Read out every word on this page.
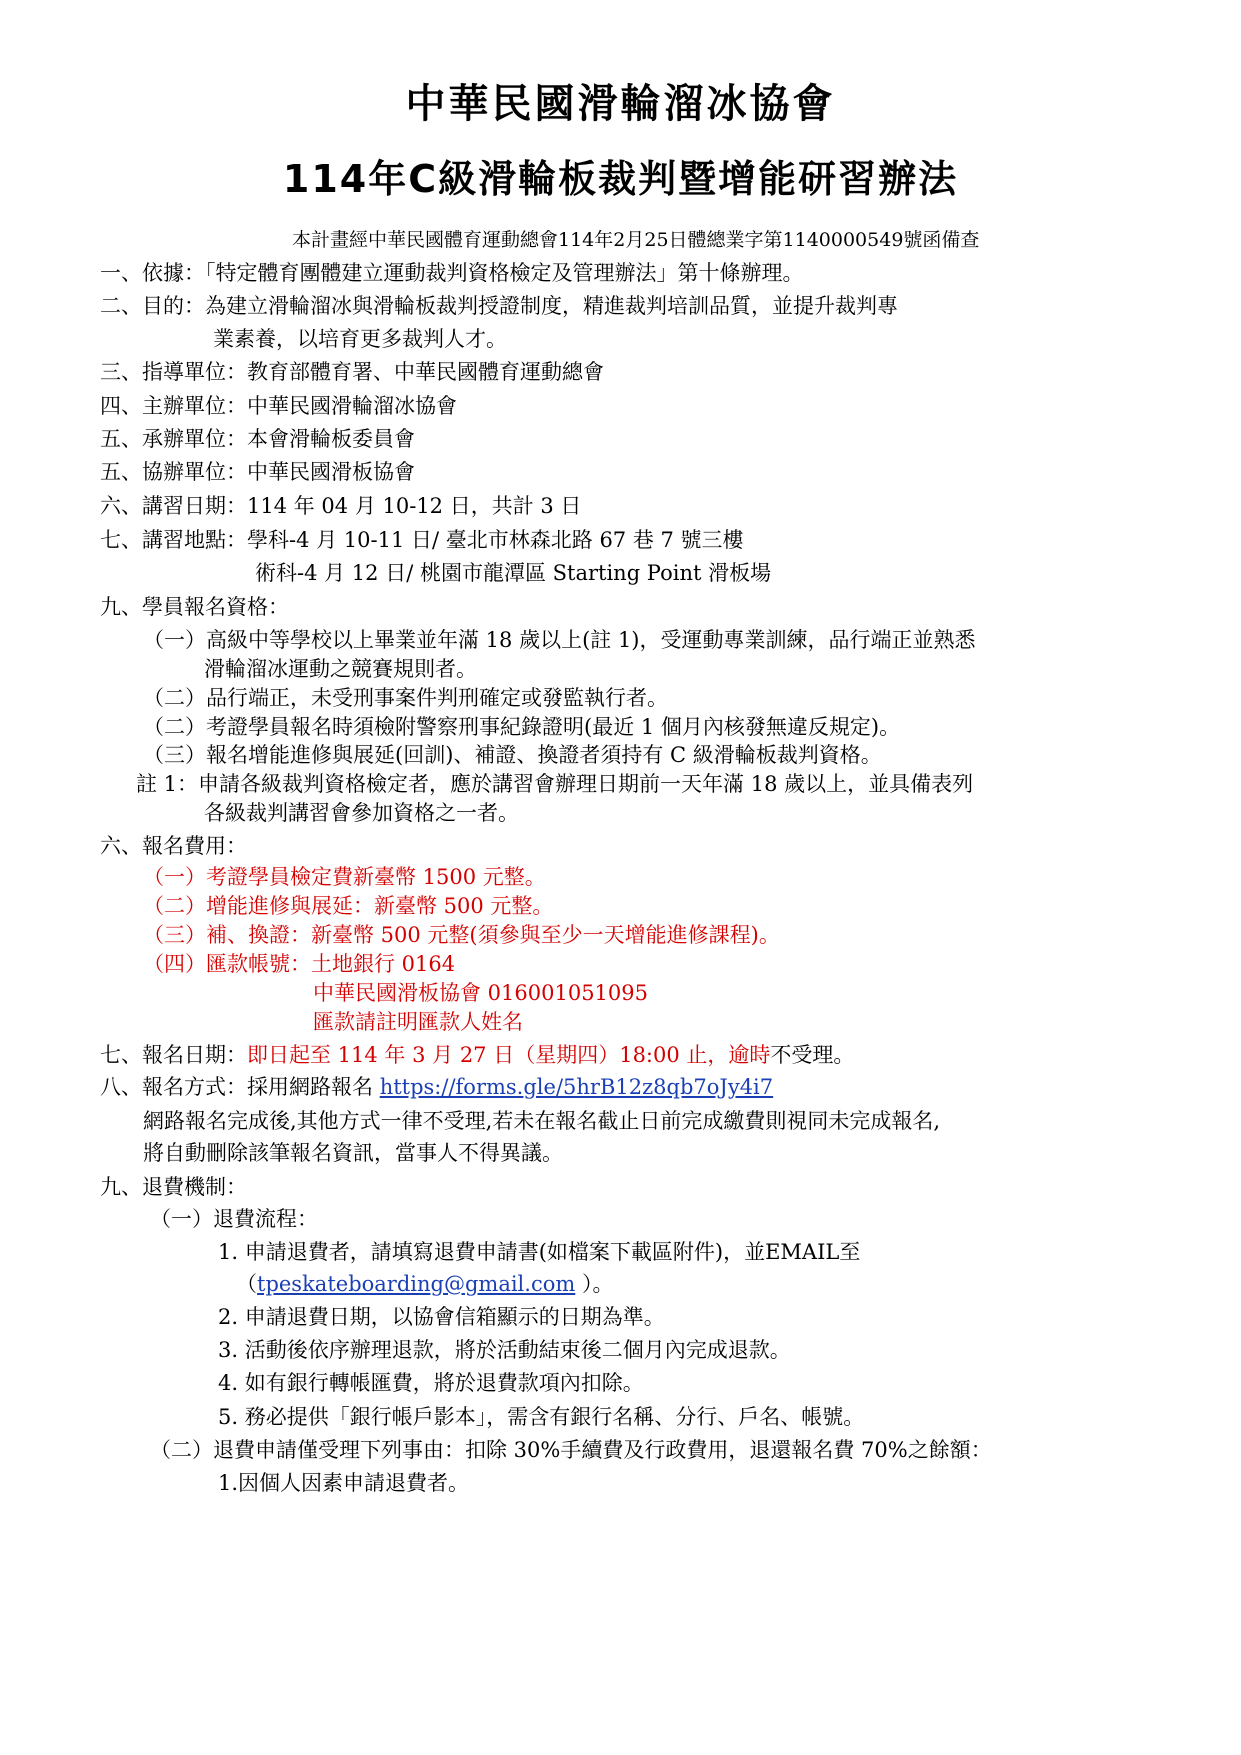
中華民國滑輪溜冰協會
114年C級滑輪板裁判暨增能研習辦法
本計畫經中華民國體育運動總會114年2月25日體總業字第1140000549號函備查
一、依據：「特定體育團體建立運動裁判資格檢定及管理辦法」第十條辦理。
二、目的：為建立滑輪溜冰與滑輪板裁判授證制度，精進裁判培訓品質，並提升裁判專
業素養，以培育更多裁判人才。
三、指導單位：教育部體育署、中華民國體育運動總會
四、主辦單位：中華民國滑輪溜冰協會
五、承辦單位：本會滑輪板委員會
五、協辦單位：中華民國滑板協會
六、講習日期：114 年 04 月 10-12 日，共計 3 日
七、講習地點：學科-4 月 10-11 日/ 臺北市林森北路 67 巷 7 號三樓
術科-4 月 12 日/ 桃園市龍潭區 Starting Point 滑板場
九、學員報名資格：
（一）高級中等學校以上畢業並年滿 18 歲以上(註 1)，受運動專業訓練，品行端正並熟悉
滑輪溜冰運動之競賽規則者。
（二）品行端正，未受刑事案件判刑確定或發監執行者。
（二）考證學員報名時須檢附警察刑事紀錄證明(最近 1 個月內核發無違反規定)。
（三）報名增能進修與展延(回訓)、補證、換證者須持有 C 級滑輪板裁判資格。
註 1：申請各級裁判資格檢定者，應於講習會辦理日期前一天年滿 18 歲以上，並具備表列
各級裁判講習會參加資格之一者。
六、報名費用：
（一）考證學員檢定費新臺幣 1500 元整。
（二）增能進修與展延：新臺幣 500 元整。
（三）補、換證：新臺幣 500 元整(須參與至少一天增能進修課程)。
（四）匯款帳號：土地銀行 0164
中華民國滑板協會 016001051095
匯款請註明匯款人姓名
七、報名日期：即日起至 114 年 3 月 27 日（星期四）18:00 止，逾時不受理。
八、報名方式：採用網路報名 https://forms.gle/5hrB12z8qb7oJy4i7
網路報名完成後,其他方式一律不受理,若未在報名截止日前完成繳費則視同未完成報名,
將自動刪除該筆報名資訊，當事人不得異議。
九、退費機制：
（一）退費流程：
1. 申請退費者，請填寫退費申請書(如檔案下載區附件)，並EMAIL至
（tpeskateboarding@gmail.com ）。
2. 申請退費日期，以協會信箱顯示的日期為準。
3. 活動後依序辦理退款，將於活動結束後二個月內完成退款。
4. 如有銀行轉帳匯費，將於退費款項內扣除。
5. 務必提供「銀行帳戶影本」，需含有銀行名稱、分行、戶名、帳號。
（二）退費申請僅受理下列事由：扣除 30%手續費及行政費用，退還報名費 70%之餘額：
1.因個人因素申請退費者。
